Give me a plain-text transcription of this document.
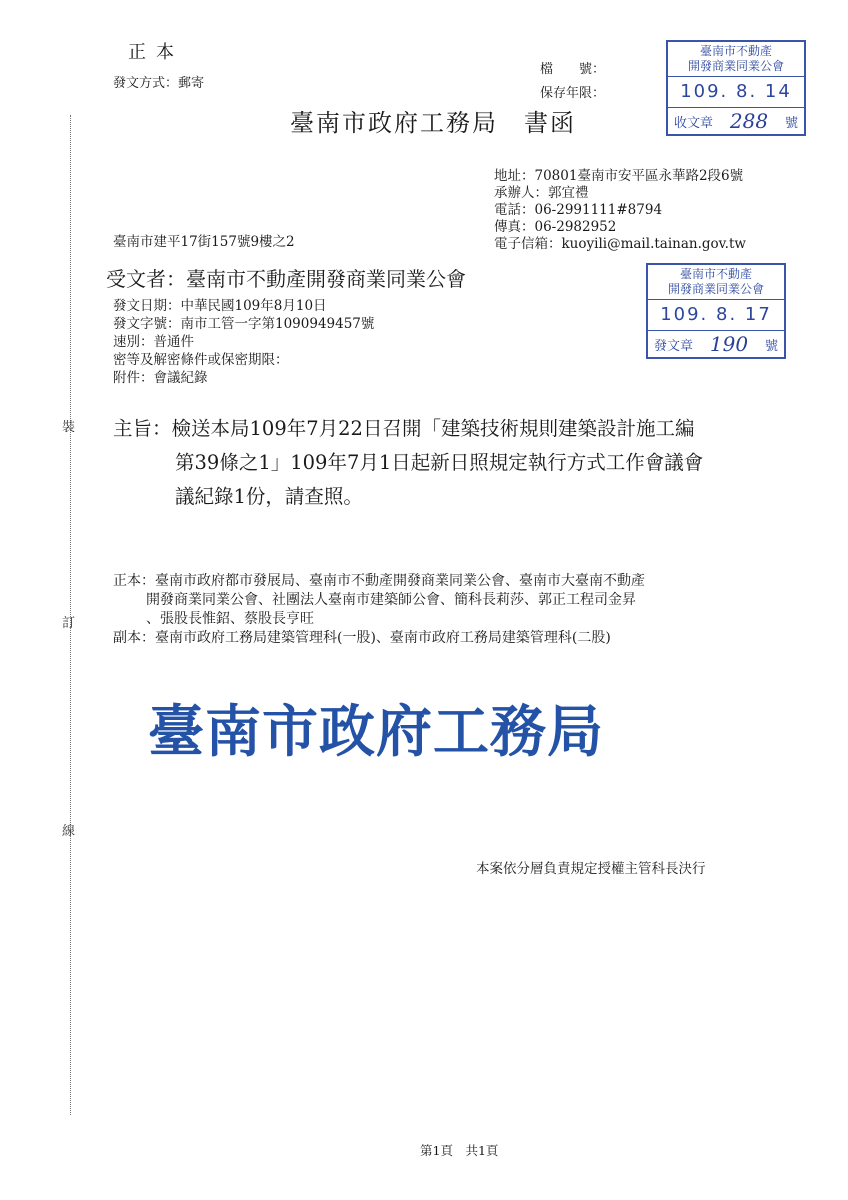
裝
訂
線
正本
發文方式：郵寄
檔　　號：
保存年限：
臺南市政府工務局　書函
臺南市不動產
開發商業同業公會
109. 8. 14
收文章 288 號
地址：70801臺南市安平區永華路2段6號
承辦人：郭宜禮
電話：06-2991111#8794
傳真：06-2982952
電子信箱：kuoyili@mail.tainan.gov.tw
臺南市建平17街157號9樓之2
受文者：臺南市不動產開發商業同業公會	臺南市不動產
開發商業同業公會
109. 8. 17
發文章 190 號
發文日期：中華民國109年8月10日
發文字號：南市工管一字第1090949457號
速別：普通件
密等及解密條件或保密期限：
附件：會議紀錄
主旨：檢送本局109年7月22日召開「建築技術規則建築設計施工編
第39條之1」109年7月1日起新日照規定執行方式工作會議會
議紀錄1份，請查照。
正本：臺南市政府都市發展局、臺南市不動產開發商業同業公會、臺南市大臺南不動產
開發商業同業公會、社團法人臺南市建築師公會、簡科長莉莎、郭正工程司金昇
、張股長惟鉊、蔡股長亨旺
副本：臺南市政府工務局建築管理科(一股)、臺南市政府工務局建築管理科(二股)
臺南市政府工務局
本案依分層負責規定授權主管科長決行
第1頁　共1頁
